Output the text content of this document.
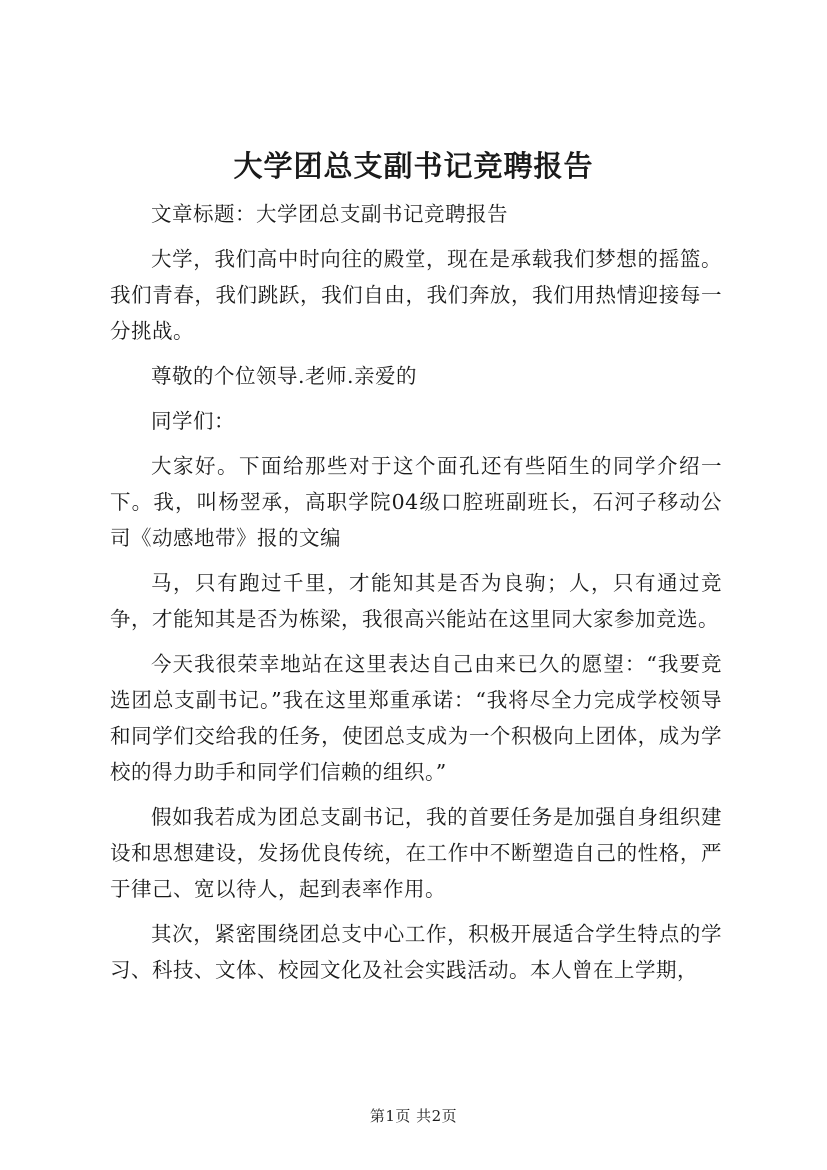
大学团总支副书记竞聘报告

文章标题：大学团总支副书记竞聘报告

大学，我们高中时向往的殿堂，现在是承载我们梦想的摇篮。我们青春，我们跳跃，我们自由，我们奔放，我们用热情迎接每一分挑战。

尊敬的个位领导.老师.亲爱的

同学们：

大家好。下面给那些对于这个面孔还有些陌生的同学介绍一下。我，叫杨翌承，高职学院04级口腔班副班长，石河子移动公司《动感地带》报的文编

马，只有跑过千里，才能知其是否为良驹；人，只有通过竞争，才能知其是否为栋梁，我很高兴能站在这里同大家参加竞选。

今天我很荣幸地站在这里表达自己由来已久的愿望：“我要竞选团总支副书记。”我在这里郑重承诺：“我将尽全力完成学校领导和同学们交给我的任务，使团总支成为一个积极向上团体，成为学校的得力助手和同学们信赖的组织。”

假如我若成为团总支副书记，我的首要任务是加强自身组织建设和思想建设，发扬优良传统，在工作中不断塑造自己的性格，严于律己、宽以待人，起到表率作用。

其次，紧密围绕团总支中心工作，积极开展适合学生特点的学习、科技、文体、校园文化及社会实践活动。本人曾在上学期，

第1页 共2页
